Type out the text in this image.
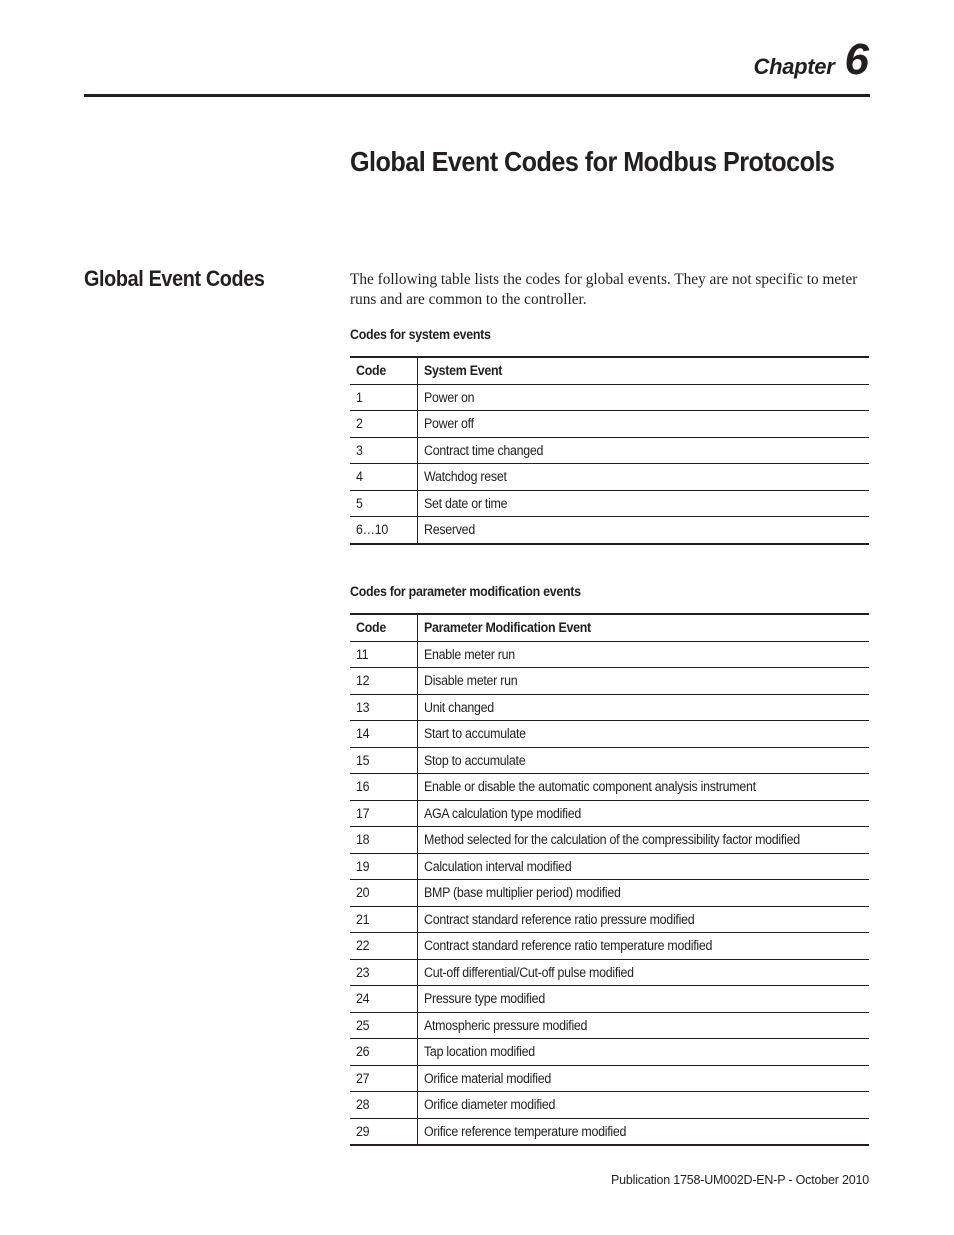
Chapter 6
Global Event Codes for Modbus Protocols
Global Event Codes	The following table lists the codes for global events. They are not specific to meter runs and are common to the controller.

Codes for system events

Code	System Event
1	Power on
2	Power off
3	Contract time changed
4	Watchdog reset
5	Set date or time
6…10	Reserved

Codes for parameter modification events

Code	Parameter Modification Event
11	Enable meter run
12	Disable meter run
13	Unit changed
14	Start to accumulate
15	Stop to accumulate
16	Enable or disable the automatic component analysis instrument
17	AGA calculation type modified
18	Method selected for the calculation of the compressibility factor modified
19	Calculation interval modified
20	BMP (base multiplier period) modified
21	Contract standard reference ratio pressure modified
22	Contract standard reference ratio temperature modified
23	Cut-off differential/Cut-off pulse modified
24	Pressure type modified
25	Atmospheric pressure modified
26	Tap location modified
27	Orifice material modified
28	Orifice diameter modified
29	Orifice reference temperature modified
Publication 1758-UM002D-EN-P - October 2010
